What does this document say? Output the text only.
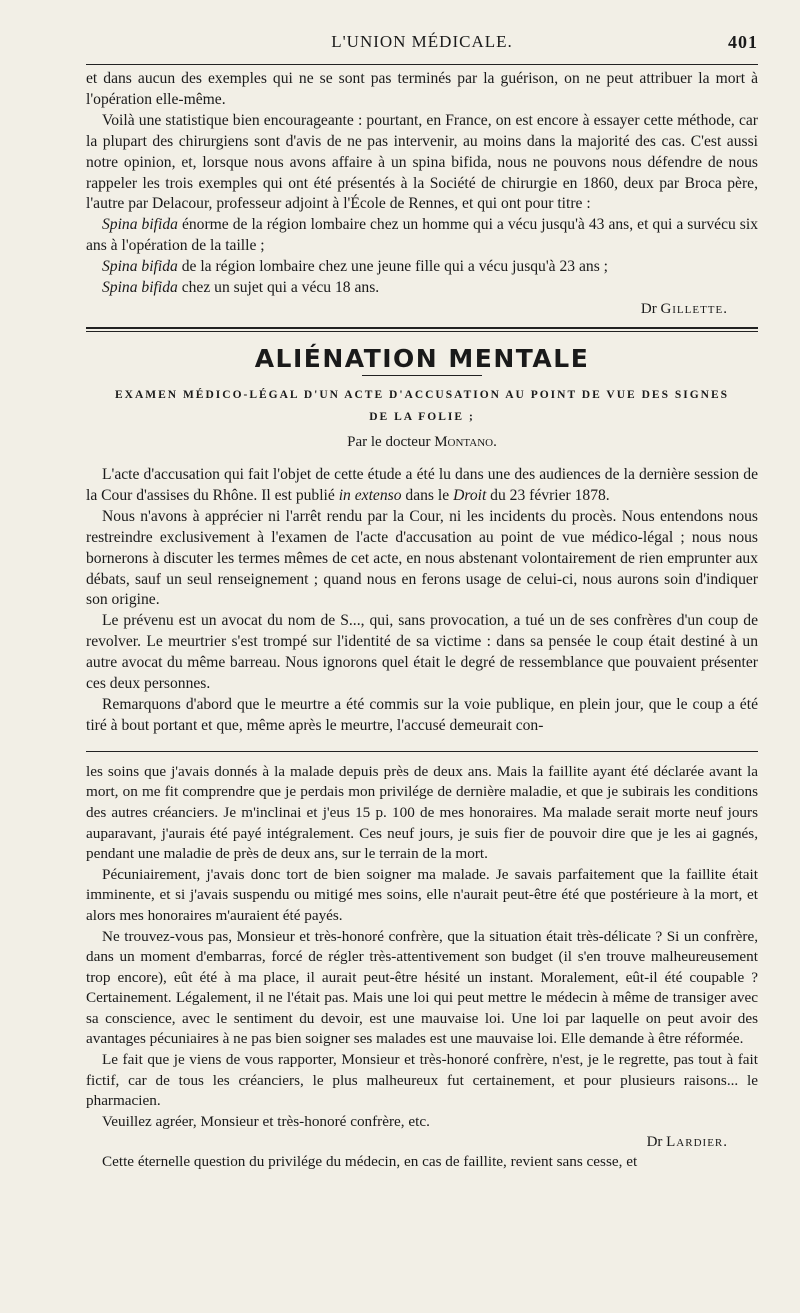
L'UNION MÉDICALE.	401

et dans aucun des exemples qui ne se sont pas terminés par la guérison, on ne peut attribuer la mort à l'opération elle-même.

Voilà une statistique bien encourageante : pourtant, en France, on est encore à essayer cette méthode, car la plupart des chirurgiens sont d'avis de ne pas intervenir, au moins dans la majorité des cas. C'est aussi notre opinion, et, lorsque nous avons affaire à un spina bifida, nous ne pouvons nous défendre de nous rappeler les trois exemples qui ont été présentés à la Société de chirurgie en 1860, deux par Broca père, l'autre par Delacour, professeur adjoint à l'École de Rennes, et qui ont pour titre :

Spina bifida énorme de la région lombaire chez un homme qui a vécu jusqu'à 43 ans, et qui a survécu six ans à l'opération de la taille ;

Spina bifida de la région lombaire chez une jeune fille qui a vécu jusqu'à 23 ans ;

Spina bifida chez un sujet qui a vécu 18 ans.

Dr Gillette.
ALIÉNATION MENTALE
EXAMEN MÉDICO-LÉGAL D'UN ACTE D'ACCUSATION AU POINT DE VUE DES SIGNES
DE LA FOLIE ;
Par le docteur Montano.

L'acte d'accusation qui fait l'objet de cette étude a été lu dans une des audiences de la dernière session de la Cour d'assises du Rhône. Il est publié in extenso dans le Droit du 23 février 1878.

Nous n'avons à apprécier ni l'arrêt rendu par la Cour, ni les incidents du procès. Nous entendons nous restreindre exclusivement à l'examen de l'acte d'accusation au point de vue médico-légal ; nous nous bornerons à discuter les termes mêmes de cet acte, en nous abstenant volontairement de rien emprunter aux débats, sauf un seul renseignement ; quand nous en ferons usage de celui-ci, nous aurons soin d'indiquer son origine.

Le prévenu est un avocat du nom de S..., qui, sans provocation, a tué un de ses confrères d'un coup de revolver. Le meurtrier s'est trompé sur l'identité de sa victime : dans sa pensée le coup était destiné à un autre avocat du même barreau. Nous ignorons quel était le degré de ressemblance que pouvaient présenter ces deux personnes.

Remarquons d'abord que le meurtre a été commis sur la voie publique, en plein jour, que le coup a été tiré à bout portant et que, même après le meurtre, l'accusé demeurait con-

les soins que j'avais donnés à la malade depuis près de deux ans. Mais la faillite ayant été déclarée avant la mort, on me fit comprendre que je perdais mon privilége de dernière maladie, et que je subirais les conditions des autres créanciers. Je m'inclinai et j'eus 15 p. 100 de mes honoraires. Ma malade serait morte neuf jours auparavant, j'aurais été payé intégralement. Ces neuf jours, je suis fier de pouvoir dire que je les ai gagnés, pendant une maladie de près de deux ans, sur le terrain de la mort.

Pécuniairement, j'avais donc tort de bien soigner ma malade. Je savais parfaitement que la faillite était imminente, et si j'avais suspendu ou mitigé mes soins, elle n'aurait peut-être été que postérieure à la mort, et alors mes honoraires m'auraient été payés.

Ne trouvez-vous pas, Monsieur et très-honoré confrère, que la situation était très-délicate ? Si un confrère, dans un moment d'embarras, forcé de régler très-attentivement son budget (il s'en trouve malheureusement trop encore), eût été à ma place, il aurait peut-être hésité un instant. Moralement, eût-il été coupable ? Certainement. Légalement, il ne l'était pas. Mais une loi qui peut mettre le médecin à même de transiger avec sa conscience, avec le sentiment du devoir, est une mauvaise loi. Une loi par laquelle on peut avoir des avantages pécuniaires à ne pas bien soigner ses malades est une mauvaise loi. Elle demande à être réformée.

Le fait que je viens de vous rapporter, Monsieur et très-honoré confrère, n'est, je le regrette, pas tout à fait fictif, car de tous les créanciers, le plus malheureux fut certainement, et pour plusieurs raisons... le pharmacien.

Veuillez agréer, Monsieur et très-honoré confrère, etc.

Dr Lardier.

Cette éternelle question du privilége du médecin, en cas de faillite, revient sans cesse, et
